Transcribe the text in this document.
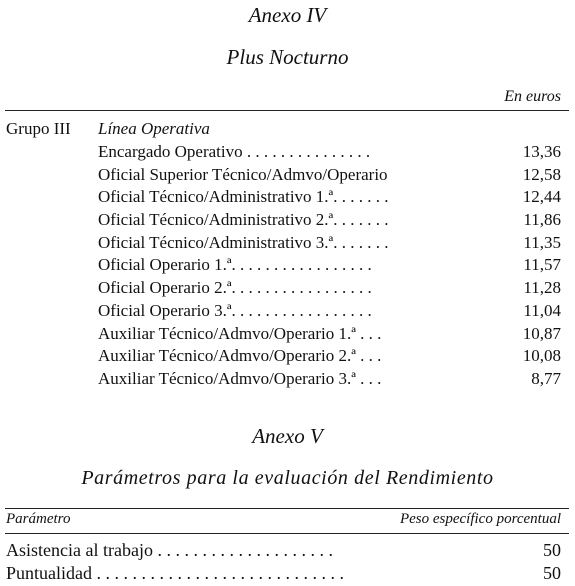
Anexo IV
Plus Nocturno
En euros
Grupo III Línea Operativa
Encargado Operativo . . . . . . . . . . . . . . .	13,36
Oficial Superior Técnico/Admvo/Operario	12,58
Oficial Técnico/Administrativo 1.ª. . . . . . .	12,44
Oficial Técnico/Administrativo 2.ª. . . . . . .	11,86
Oficial Técnico/Administrativo 3.ª. . . . . . .	11,35
Oficial Operario 1.ª. . . . . . . . . . . . . . . . .	11,57
Oficial Operario 2.ª. . . . . . . . . . . . . . . . .	11,28
Oficial Operario 3.ª. . . . . . . . . . . . . . . . .	11,04
Auxiliar Técnico/Admvo/Operario 1.ª . . .	10,87
Auxiliar Técnico/Admvo/Operario 2.ª . . .	10,08
Auxiliar Técnico/Admvo/Operario 3.ª . . .	8,77
Anexo V
Parámetros para la evaluación del Rendimiento
Parámetro	Peso específico porcentual
Asistencia al trabajo . . . . . . . . . . . . . . . . . . . .	50
Puntualidad . . . . . . . . . . . . . . . . . . . . . . . . . . . .	50
